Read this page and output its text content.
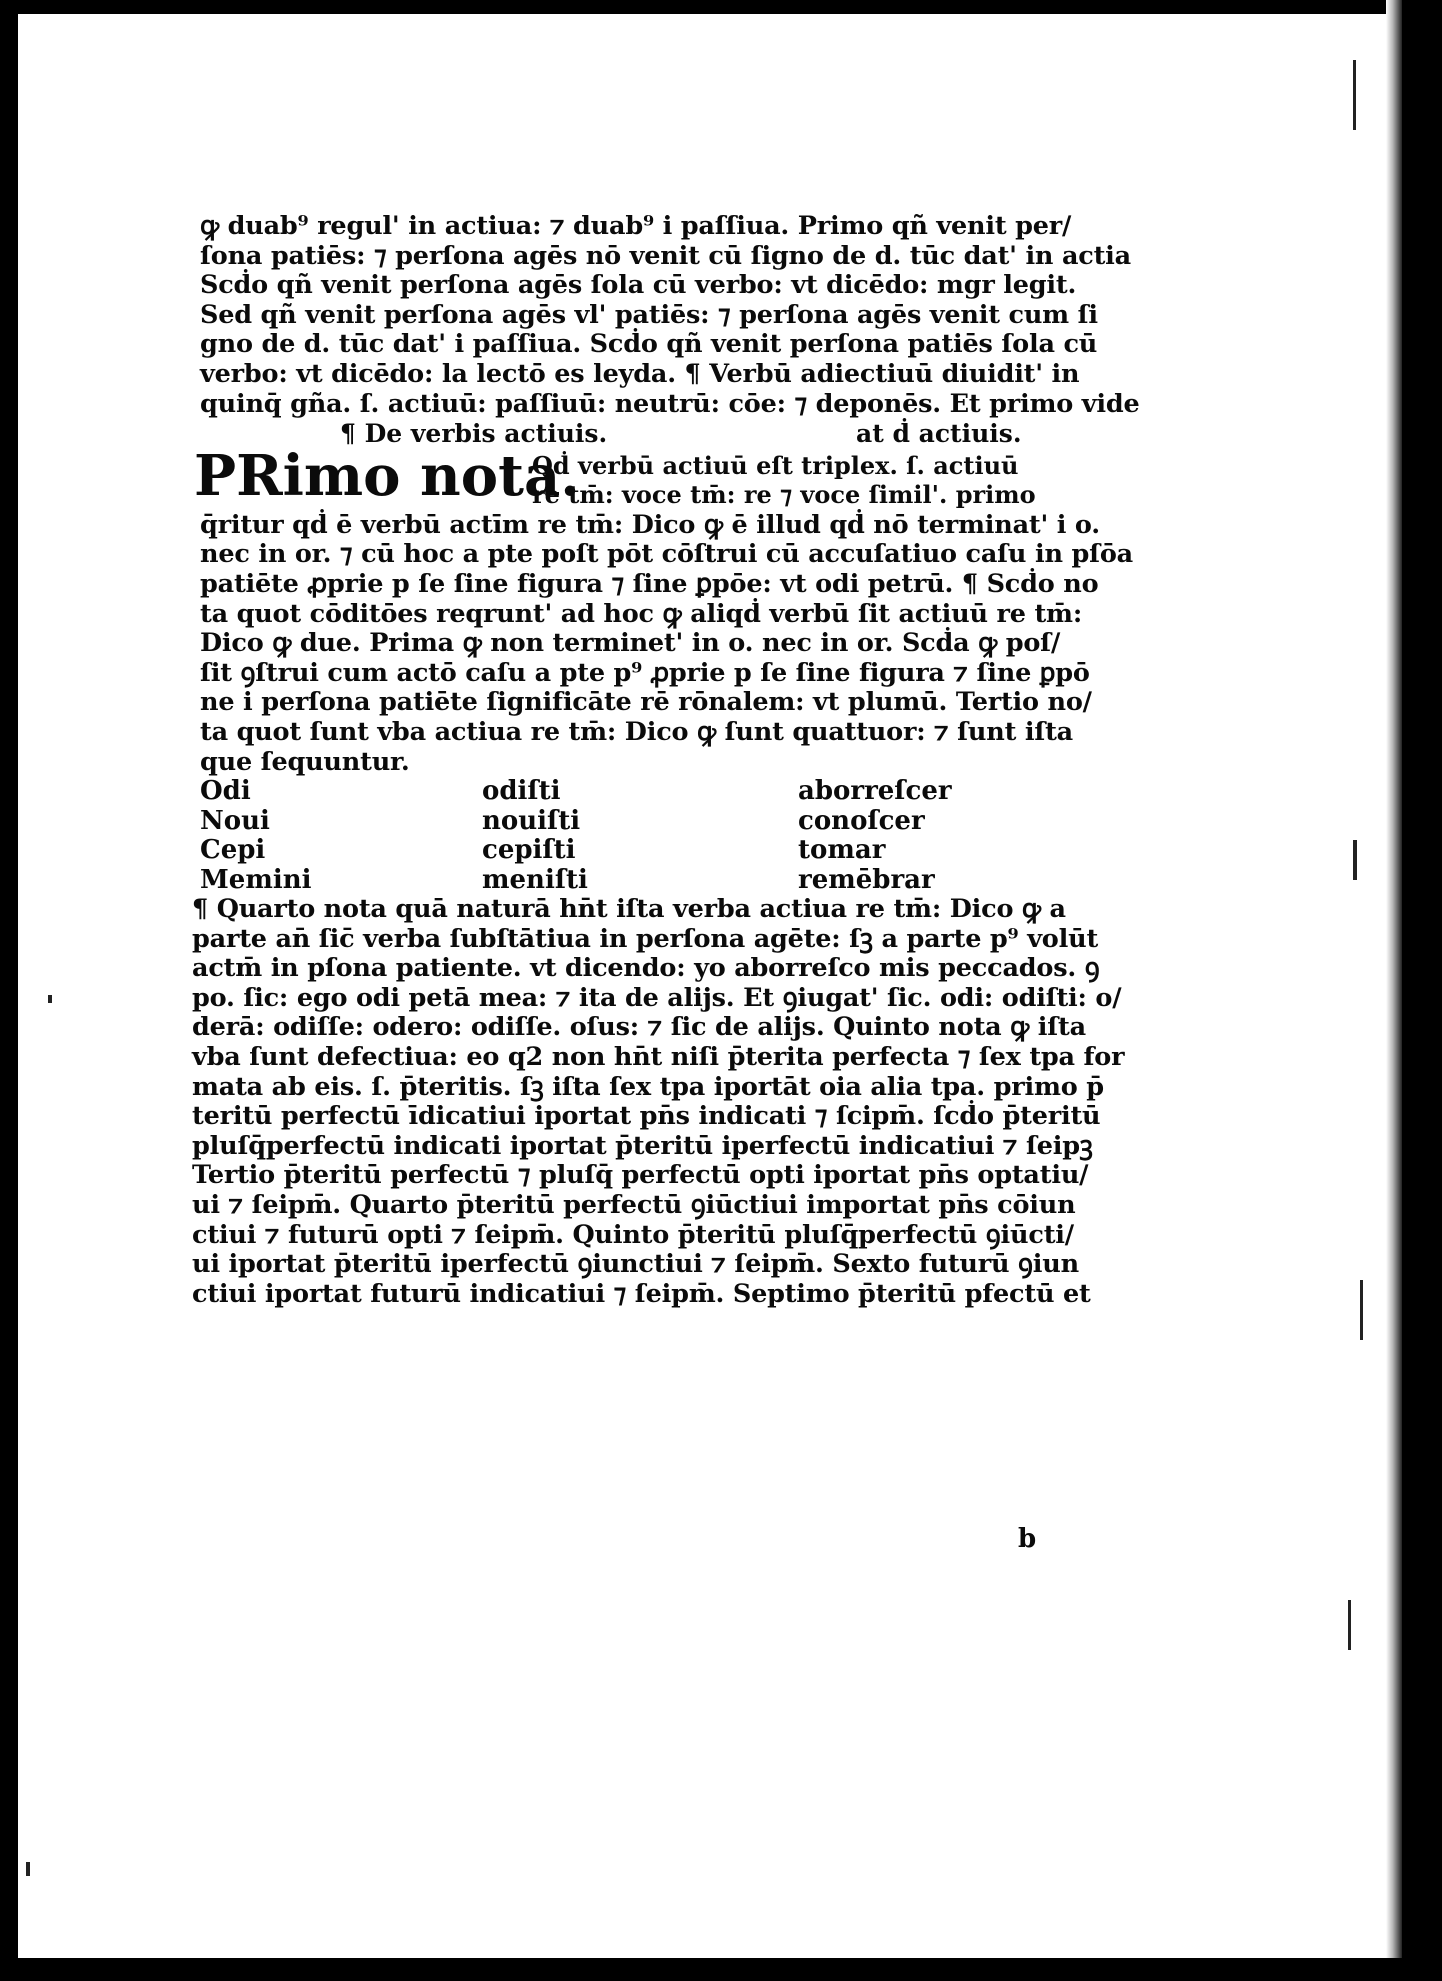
ꝙ duab⁹ regul' in actiua: ⁊ duab⁹ i paſſiua. Primo qñ venit per∕
ſona patiēs: ⁊ perſona agēs nō venit cū ſigno de d. tūc dat' in actia
Scḋo qñ venit perſona agēs ſola cū verbo: vt dicēdo: mgr legit.
Sed qñ venit perſona agēs vl' patiēs: ⁊ perſona agēs venit cum ſi
gno de d. tūc dat' i paſſiua. Scḋo qñ venit perſona patiēs ſola cū
verbo: vt dicēdo: la lectō es leyda. ¶ Verbū adiectiuū diuidit' in
quinq̄ gña. ſ. actiuū: paſſiuū: neutrū: cōe: ⁊ deponēs. Et primo vide
¶ De verbis actiuis.	at ḋ actiuis.
PRimo nota.
Qḋ verbū actiuū eſt triplex. ſ. actiuū
re tm̄: voce tm̄: re ⁊ voce ſimil'. primo
q̄ritur qḋ ē verbū actīm re tm̄: Dico ꝙ ē illud qḋ nō terminat' i o.
nec in or. ⁊ cū hoc a pte poſt pōt cōſtrui cū accuſatiuo caſu in pſōa
patiēte ꝓprie p ſe ſine figura ⁊ ſine ꝑpōe: vt odi petrū. ¶ Scḋo no
ta quot cōditōes reqrunt' ad hoc ꝙ aliqḋ verbū ſit actiuū re tm̄:
Dico ꝙ due. Prima ꝙ non terminet' in o. nec in or. Scḋa ꝙ poſ∕
ſit ꝯſtrui cum actō caſu a pte p⁹ ꝓprie p ſe ſine figura ⁊ ſine ꝑpō
ne i perſona patiēte ſignificāte rē rōnalem: vt plumū. Tertio no∕
ta quot ſunt vba actiua re tm̄: Dico ꝙ ſunt quattuor: ⁊ ſunt iſta
que ſequuntur.
Odi	odiſti	aborreſcer
Noui	nouiſti	conoſcer
Cepi	cepiſti	tomar
Memini	meniſti	remēbrar
¶ Quarto nota quā naturā hn̄t iſta verba actiua re tm̄: Dico ꝙ a
parte an̄ ſic̄ verba ſubſtātiua in perſona agēte: ſꝫ a parte p⁹ volūt
actm̄ in pſona patiente. vt dicendo: yo aborreſco mis peccados. ꝯ
po. ſic: ego odi petā mea: ⁊ ita de alijs. Et ꝯiugat' ſic. odi: odiſti: o∕
derā: odiſſe: odero: odiſſe. oſus: ⁊ ſic de alijs. Quinto nota ꝙ iſta
vba ſunt defectiua: eo q2 non hn̄t niſi p̄terita perfecta ⁊ ſex tpa for
mata ab eis. ſ. p̄teritis. ſꝫ iſta ſex tpa iportāt oia alia tpa. primo p̄
teritū perfectū īdicatiui iportat pn̄s indicati ⁊ ſcipm̄. ſcḋo p̄teritū
pluſq̄perfectū indicati iportat p̄teritū iperfectū indicatiui ⁊ ſeipꝫ
Tertio p̄teritū perfectū ⁊ pluſq̄ perfectū opti iportat pn̄s optatiu∕
ui ⁊ ſeipm̄. Quarto p̄teritū perfectū ꝯiūctiui importat pn̄s cōiun
ctiui ⁊ futurū opti ⁊ ſeipm̄. Quinto p̄teritū pluſq̄perfectū ꝯiūcti∕
ui iportat p̄teritū iperfectū ꝯiunctiui ⁊ ſeipm̄. Sexto futurū ꝯiun
ctiui iportat futurū indicatiui ⁊ ſeipm̄. Septimo p̄teritū pfectū et
b
